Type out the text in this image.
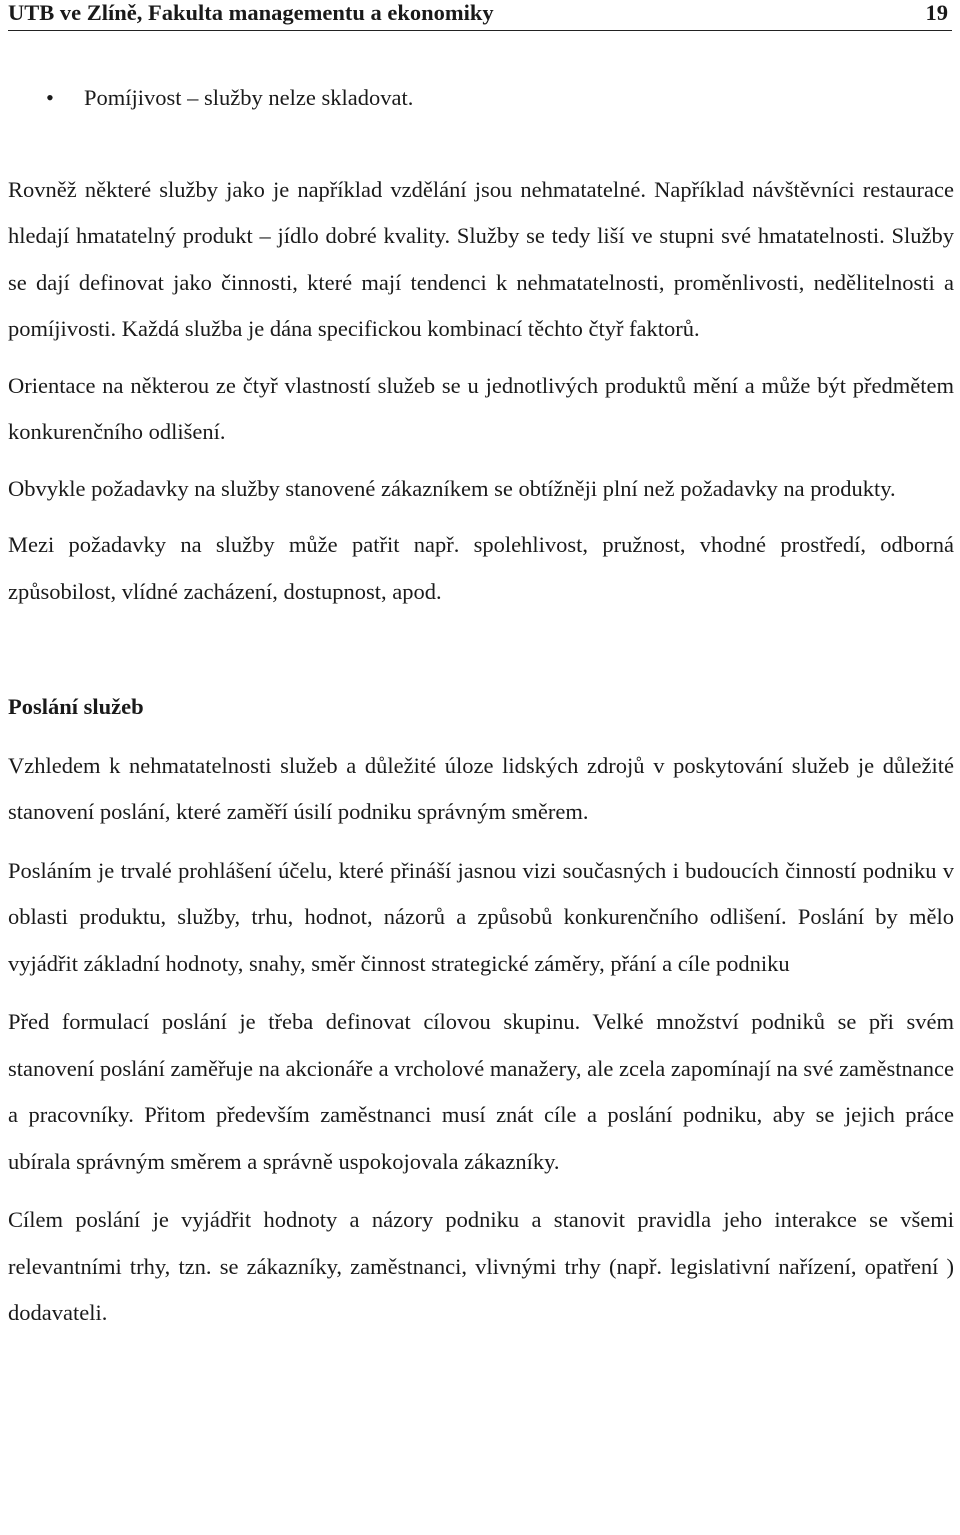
UTB ve Zlíně, Fakulta managementu a ekonomiky	19
• Pomíjivost – služby nelze skladovat.

Rovněž některé služby jako je například vzdělání jsou nehmatatelné. Například návštěvníci restaurace hledají hmatatelný produkt – jídlo dobré kvality. Služby se tedy liší ve stupni své hmatatelnosti. Služby se dají definovat jako činnosti, které mají tendenci k nehmatatelnosti, proměnlivosti, nedělitelnosti a pomíjivosti. Každá služba je dána specifickou kombinací těchto čtyř faktorů.

Orientace na některou ze čtyř vlastností služeb se u jednotlivých produktů mění a může být předmětem konkurenčního odlišení.

Obvykle požadavky na služby stanovené zákazníkem se obtížněji plní než požadavky na produkty.

Mezi požadavky na služby může patřit např. spolehlivost, pružnost, vhodné prostředí, odborná způsobilost, vlídné zacházení, dostupnost, apod.

Poslání služeb

Vzhledem k nehmatatelnosti služeb a důležité úloze lidských zdrojů v poskytování služeb je důležité stanovení poslání, které zaměří úsilí podniku správným směrem.

Posláním je trvalé prohlášení účelu, které přináší jasnou vizi současných i budoucích činností podniku v oblasti produktu, služby, trhu, hodnot, názorů a způsobů konkurenčního odlišení. Poslání by mělo vyjádřit základní hodnoty, snahy, směr činnost strategické záměry, přání a cíle podniku

Před formulací poslání je třeba definovat cílovou skupinu. Velké množství podniků se při svém stanovení poslání zaměřuje na akcionáře a vrcholové manažery, ale zcela zapomínají na své zaměstnance a pracovníky. Přitom především zaměstnanci musí znát cíle a poslání podniku, aby se jejich práce ubírala správným směrem a správně uspokojovala zákazníky.

Cílem poslání je vyjádřit hodnoty a názory podniku a stanovit pravidla jeho interakce se všemi relevantními trhy, tzn. se zákazníky, zaměstnanci, vlivnými trhy (např. legislativní nařízení, opatření ) dodavateli.
